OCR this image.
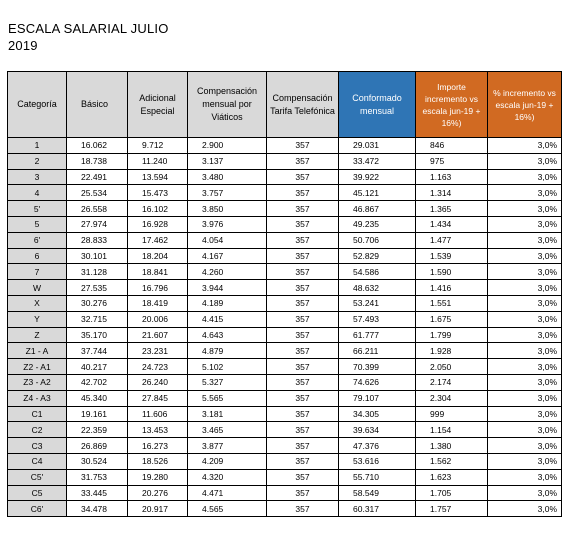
ESCALA SALARIAL JULIO
2019
Categoría	Básico	Adicional Especial	Compensación mensual por Viáticos	Compensación Tarifa Telefónica	Conformado mensual	Importe incremento vs escala jun-19 + 16%)	% incremento vs escala jun-19 + 16%)
1	16.062	9.712	2.900	357	29.031	846	3,0%
2	18.738	11.240	3.137	357	33.472	975	3,0%
3	22.491	13.594	3.480	357	39.922	1.163	3,0%
4	25.534	15.473	3.757	357	45.121	1.314	3,0%
5'	26.558	16.102	3.850	357	46.867	1.365	3,0%
5	27.974	16.928	3.976	357	49.235	1.434	3,0%
6'	28.833	17.462	4.054	357	50.706	1.477	3,0%
6	30.101	18.204	4.167	357	52.829	1.539	3,0%
7	31.128	18.841	4.260	357	54.586	1.590	3,0%
W	27.535	16.796	3.944	357	48.632	1.416	3,0%
X	30.276	18.419	4.189	357	53.241	1.551	3,0%
Y	32.715	20.006	4.415	357	57.493	1.675	3,0%
Z	35.170	21.607	4.643	357	61.777	1.799	3,0%
Z1 - A	37.744	23.231	4.879	357	66.211	1.928	3,0%
Z2 - A1	40.217	24.723	5.102	357	70.399	2.050	3,0%
Z3 - A2	42.702	26.240	5.327	357	74.626	2.174	3,0%
Z4 - A3	45.340	27.845	5.565	357	79.107	2.304	3,0%
C1	19.161	11.606	3.181	357	34.305	999	3,0%
C2	22.359	13.453	3.465	357	39.634	1.154	3,0%
C3	26.869	16.273	3.877	357	47.376	1.380	3,0%
C4	30.524	18.526	4.209	357	53.616	1.562	3,0%
C5'	31.753	19.280	4.320	357	55.710	1.623	3,0%
C5	33.445	20.276	4.471	357	58.549	1.705	3,0%
C6'	34.478	20.917	4.565	357	60.317	1.757	3,0%
